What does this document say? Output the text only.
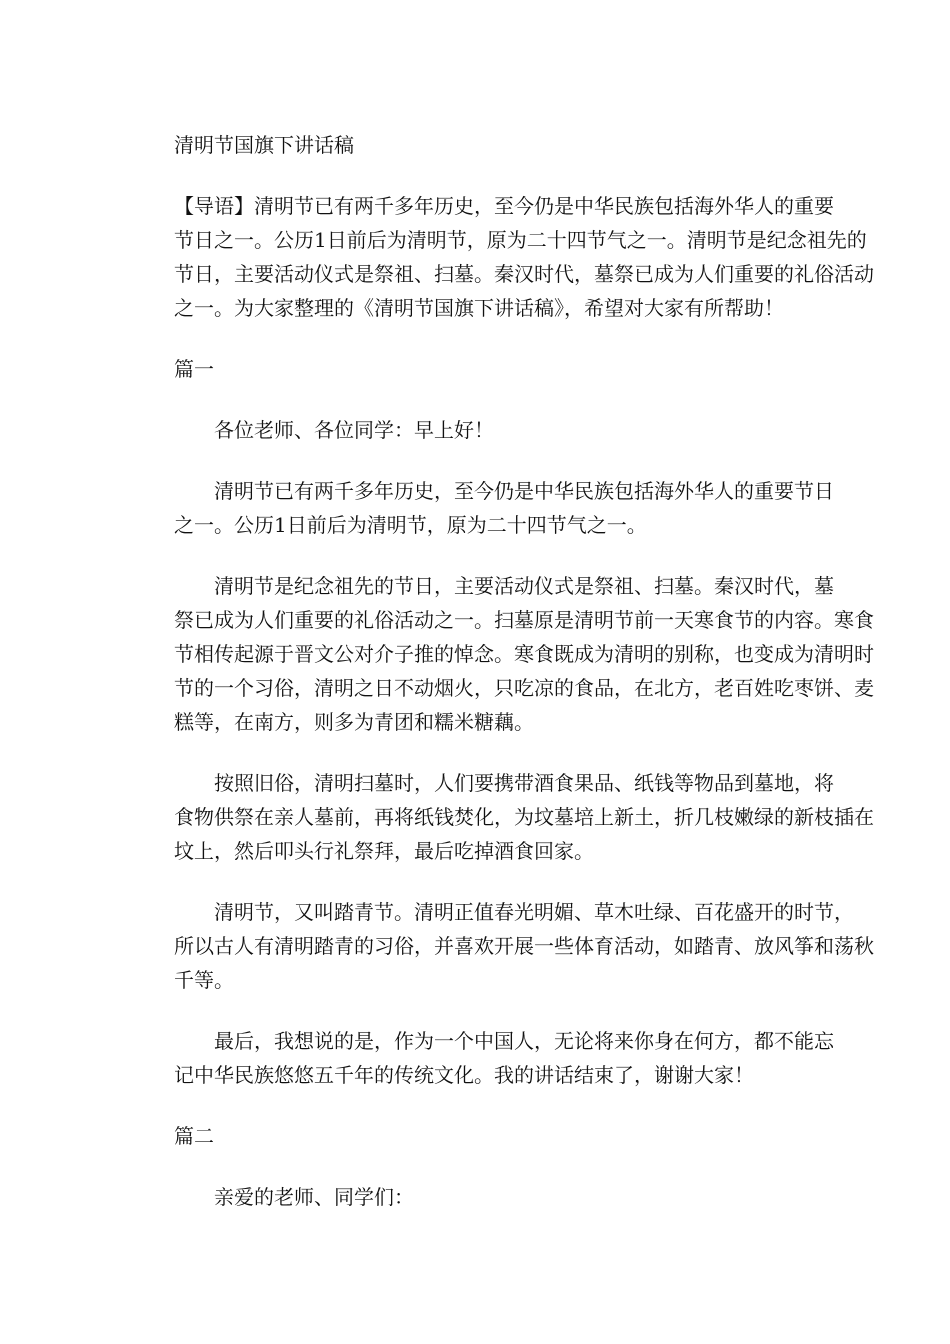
清明节国旗下讲话稿

【导语】清明节已有两千多年历史，至今仍是中华民族包括海外华人的重要

节日之一。公历1日前后为清明节，原为二十四节气之一。清明节是纪念祖先的

节日，主要活动仪式是祭祖、扫墓。秦汉时代，墓祭已成为人们重要的礼俗活动

之一。为大家整理的《清明节国旗下讲话稿》，希望对大家有所帮助！

篇一

各位老师、各位同学：早上好！

清明节已有两千多年历史，至今仍是中华民族包括海外华人的重要节日

之一。公历1日前后为清明节，原为二十四节气之一。

清明节是纪念祖先的节日，主要活动仪式是祭祖、扫墓。秦汉时代，墓

祭已成为人们重要的礼俗活动之一。扫墓原是清明节前一天寒食节的内容。寒食

节相传起源于晋文公对介子推的悼念。寒食既成为清明的别称，也变成为清明时

节的一个习俗，清明之日不动烟火，只吃凉的食品，在北方，老百姓吃枣饼、麦

糕等，在南方，则多为青团和糯米糖藕。

按照旧俗，清明扫墓时，人们要携带酒食果品、纸钱等物品到墓地，将

食物供祭在亲人墓前，再将纸钱焚化，为坟墓培上新土，折几枝嫩绿的新枝插在

坟上，然后叩头行礼祭拜，最后吃掉酒食回家。

清明节，又叫踏青节。清明正值春光明媚、草木吐绿、百花盛开的时节，

所以古人有清明踏青的习俗，并喜欢开展一些体育活动，如踏青、放风筝和荡秋

千等。

最后，我想说的是，作为一个中国人，无论将来你身在何方，都不能忘

记中华民族悠悠五千年的传统文化。我的讲话结束了，谢谢大家！

篇二

亲爱的老师、同学们：
